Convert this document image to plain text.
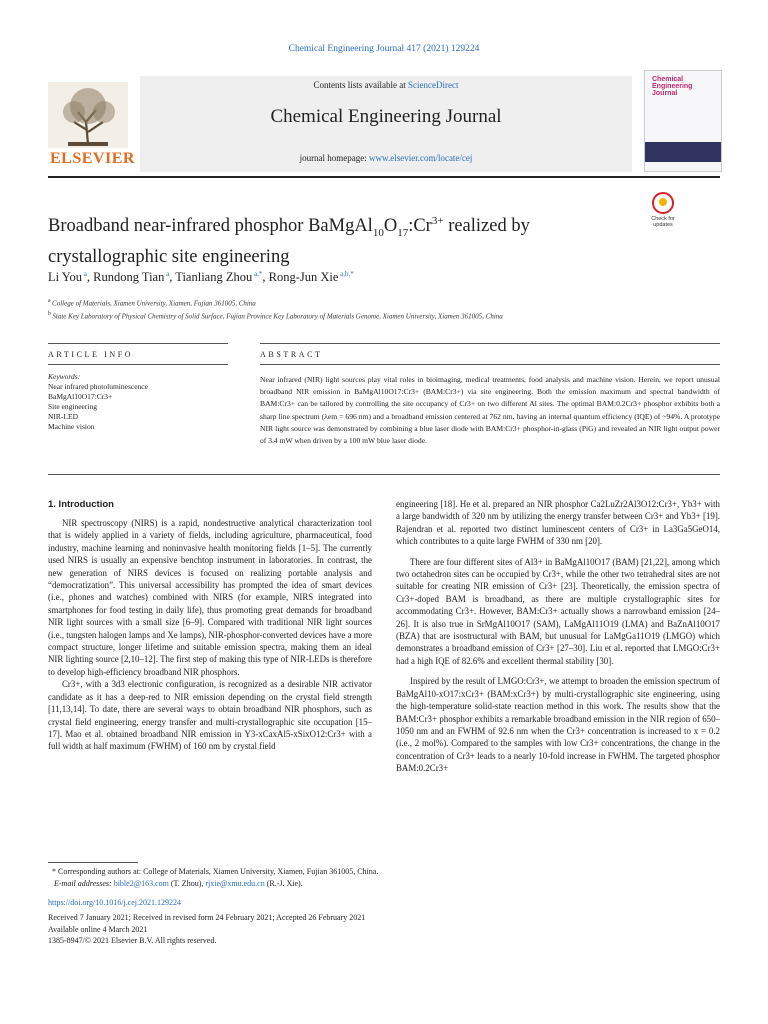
Chemical Engineering Journal 417 (2021) 129224
ELSEVIER
Contents lists available at ScienceDirect
Chemical Engineering Journal
journal homepage: www.elsevier.com/locate/cej
Chemical Engineering Journal
Check for updates
Broadband near-infrared phosphor $BaMgAl_{10}O_{17}:Cr^{3+}$ realized by crystallographic site engineering
Li You $^a$, Rundong Tian $^a$, Tianliang Zhou $^{a,*}$, Rong-Jun Xie $^{a,b,*}$
$^a$ College of Materials, Xiamen University, Xiamen, Fujian 361005, China
$^b$ State Key Laboratory of Physical Chemistry of Solid Surface, Fujian Province Key Laboratory of Materials Genome, Xiamen University, Xiamen 361005, China
ARTICLE INFO
Keywords:
Near infrared photoluminescence
BaMgAl10O17:Cr3+
Site engineering
NIR-LED
Machine vision
ABSTRACT
Near infrared (NIR) light sources play vital roles in bioimaging, medical treatments, food analysis and machine vision. Herein, we report unusual broadband NIR emission in BaMgAl10O17:Cr3+ (BAM:Cr3+) via site engineering. Both the emission maximum and spectral bandwidth of BAM:Cr3+ can be tailored by controlling the site occupancy of Cr3+ on two different Al sites. The optimal BAM:0.2Cr3+ phosphor exhibits both a sharp line spectrum (λem = 696 nm) and a broadband emission centered at 762 nm, having an internal quantum efficiency (IQE) of ~94%. A prototype NIR light source was demonstrated by combining a blue laser diode with BAM:Cr3+ phosphor-in-glass (PiG) and revealed an NIR light output power of 3.4 mW when driven by a 100 mW blue laser diode.
1. Introduction

NIR spectroscopy (NIRS) is a rapid, nondestructive analytical characterization tool that is widely applied in a variety of fields, including agriculture, pharmaceutical, food industry, machine learning and noninvasive health monitoring fields [1–5]. The currently used NIRS is usually an expensive benchtop instrument in laboratories. In contrast, the new generation of NIRS devices is focused on realizing portable analysis and “democratization”. This universal accessibility has prompted the idea of smart devices (i.e., phones and watches) combined with NIRS (for example, NIRS integrated into smartphones for food testing in daily life), thus promoting great demands for broadband NIR light sources with a small size [6–9]. Compared with traditional NIR light sources (i.e., tungsten halogen lamps and Xe lamps), NIR-phosphor-converted devices have a more compact structure, longer lifetime and suitable emission spectra, making them an ideal NIR lighting source [2,10–12]. The first step of making this type of NIR-LEDs is therefore to develop high-efficiency broadband NIR phosphors.

Cr3+, with a 3d3 electronic configuration, is recognized as a desirable NIR activator candidate as it has a deep-red to NIR emission depending on the crystal field strength [11,13,14]. To date, there are several ways to obtain broadband NIR phosphors, such as crystal field engineering, energy transfer and multi-crystallographic site occupation [15–17]. Mao et al. obtained broadband NIR emission in Y3-xCaxAl5-xSixO12:Cr3+ with a full width at half maximum (FWHM) of 160 nm by crystal field

engineering [18]. He et al. prepared an NIR phosphor Ca2LuZr2Al3O12:Cr3+, Yb3+ with a large bandwidth of 320 nm by utilizing the energy transfer between Cr3+ and Yb3+ [19]. Rajendran et al. reported two distinct luminescent centers of Cr3+ in La3Ga5GeO14, which contributes to a quite large FWHM of 330 nm [20].

There are four different sites of Al3+ in BaMgAl10O17 (BAM) [21,22], among which two octahedron sites can be occupied by Cr3+, while the other two tetrahedral sites are not suitable for creating NIR emission of Cr3+ [23]. Theoretically, the emission spectra of Cr3+-doped BAM is broadband, as there are multiple crystallographic sites for accommodating Cr3+. However, BAM:Cr3+ actually shows a narrowband emission [24–26]. It is also true in SrMgAl10O17 (SAM), LaMgAl11O19 (LMA) and BaZnAl10O17 (BZA) that are isostructural with BAM, but unusual for LaMgGa11O19 (LMGO) which demonstrates a broadband emission of Cr3+ [27–30]. Liu et al. reported that LMGO:Cr3+ had a high IQE of 82.6% and excellent thermal stability [30].

Inspired by the result of LMGO:Cr3+, we attempt to broaden the emission spectrum of BaMgAl10-xO17:xCr3+ (BAM:xCr3+) by multi-crystallographic site engineering, using the high-temperature solid-state reaction method in this work. The results show that the BAM:Cr3+ phosphor exhibits a remarkable broadband emission in the NIR region of 650–1050 nm and an FWHM of 92.6 nm when the Cr3+ concentration is increased to x = 0.2 (i.e., 2 mol%). Compared to the samples with low Cr3+ concentrations, the change in the concentration of Cr3+ leads to a nearly 10-fold increase in FWHM. The targeted phosphor BAM:0.2Cr3+

* Corresponding authors at: College of Materials, Xiamen University, Xiamen, Fujian 361005, China.
E-mail addresses: bible2@163.com (T. Zhou), rjxie@xmu.edu.cn (R.-J. Xie).
https://doi.org/10.1016/j.cej.2021.129224
Received 7 January 2021; Received in revised form 24 February 2021; Accepted 26 February 2021
Available online 4 March 2021
1385-8947/© 2021 Elsevier B.V. All rights reserved.
